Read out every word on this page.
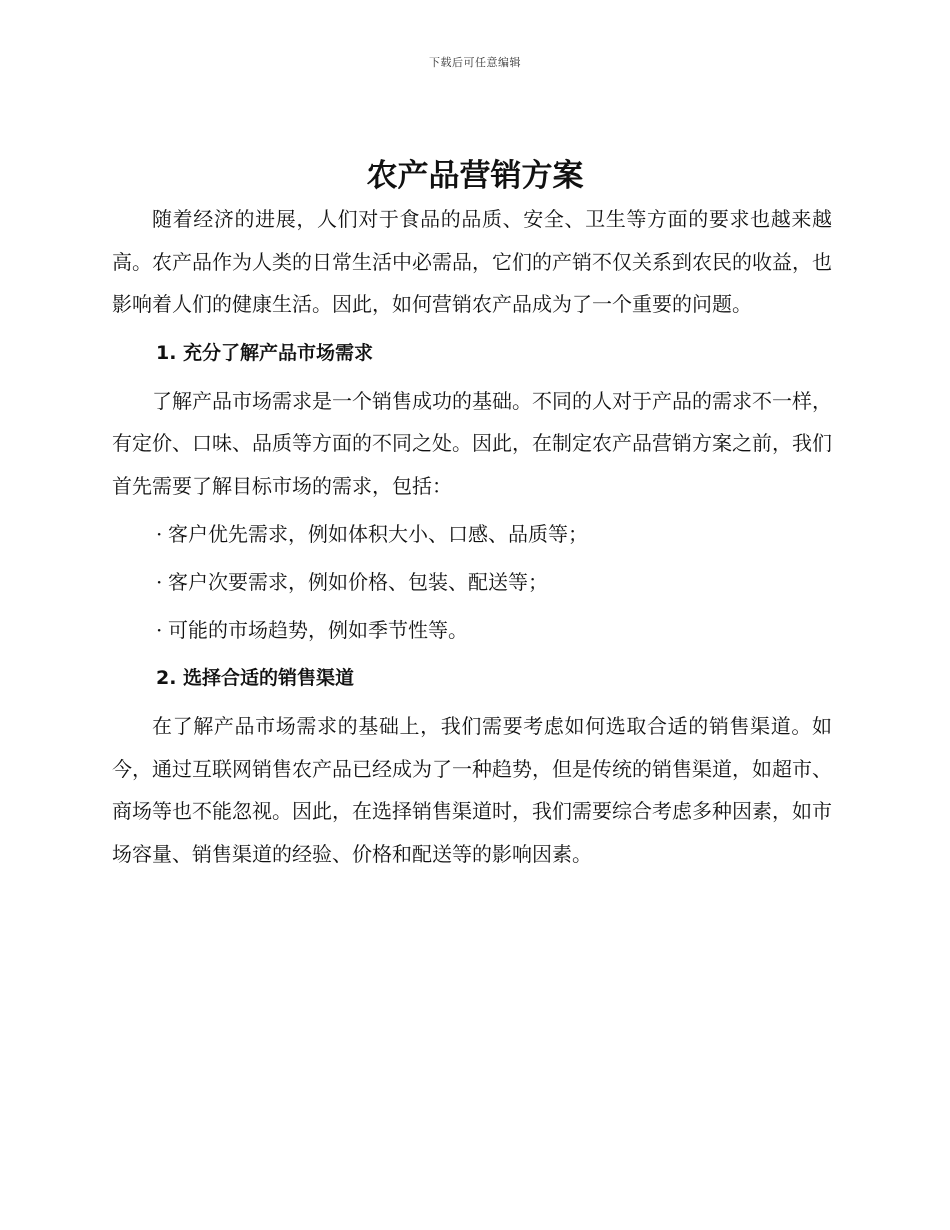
下载后可任意编辑
农产品营销方案

随着经济的进展，人们对于食品的品质、安全、卫生等方面的要求也越来越高。农产品作为人类的日常生活中必需品，它们的产销不仅关系到农民的收益，也影响着人们的健康生活。因此，如何营销农产品成为了一个重要的问题。

1. 充分了解产品市场需求

了解产品市场需求是一个销售成功的基础。不同的人对于产品的需求不一样，有定价、口味、品质等方面的不同之处。因此，在制定农产品营销方案之前，我们首先需要了解目标市场的需求，包括：

· 客户优先需求，例如体积大小、口感、品质等；
· 客户次要需求，例如价格、包装、配送等；
· 可能的市场趋势，例如季节性等。
2. 选择合适的销售渠道

在了解产品市场需求的基础上，我们需要考虑如何选取合适的销售渠道。如今，通过互联网销售农产品已经成为了一种趋势，但是传统的销售渠道，如超市、商场等也不能忽视。因此，在选择销售渠道时，我们需要综合考虑多种因素，如市场容量、销售渠道的经验、价格和配送等的影响因素。
